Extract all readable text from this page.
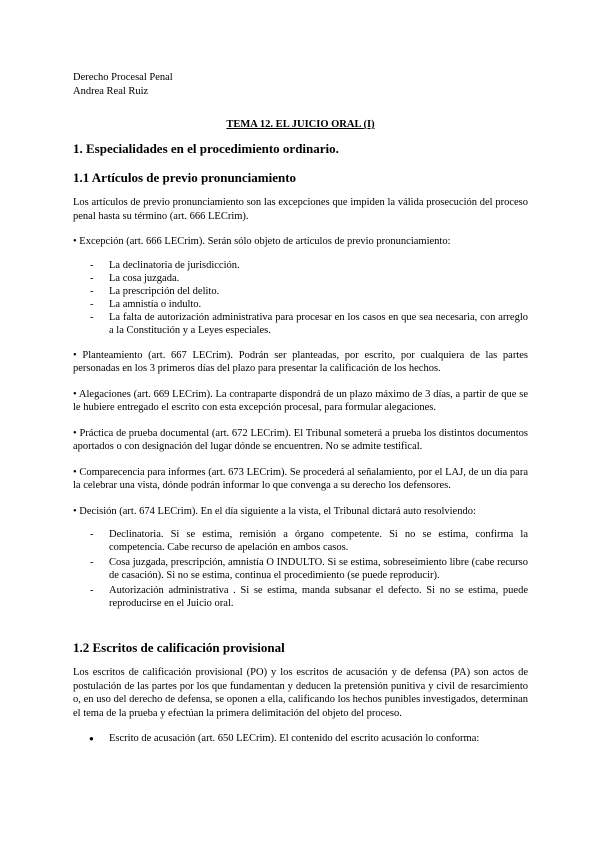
Derecho Procesal Penal
Andrea Real Ruiz
TEMA 12. EL JUICIO ORAL (I)
1. Especialidades en el procedimiento ordinario.
1.1 Artículos de previo pronunciamiento
Los artículos de previo pronunciamiento son las excepciones que impiden la válida prosecución del proceso penal hasta su término (art. 666 LECrim).
• Excepción (art. 666 LECrim). Serán sólo objeto de artículos de previo pronunciamiento:
- La declinatoria de jurisdicción.
- La cosa juzgada.
- La prescripción del delito.
- La amnistía o indulto.
- La falta de autorización administrativa para procesar en los casos en que sea necesaria, con arreglo a la Constitución y a Leyes especiales.
• Planteamiento (art. 667 LECrim). Podrán ser planteadas, por escrito, por cualquiera de las partes personadas en los 3 primeros días del plazo para presentar la calificación de los hechos.
• Alegaciones (art. 669 LECrim). La contraparte dispondrá de un plazo máximo de 3 días, a partir de que se le hubiere entregado el escrito con esta excepción procesal, para formular alegaciones.
• Práctica de prueba documental (art. 672 LECrim). El Tribunal someterá a prueba los distintos documentos aportados o con designación del lugar dónde se encuentren. No se admite testifical.
• Comparecencia para informes (art. 673 LECrim). Se procederá al señalamiento, por el LAJ, de un día para la celebrar una vista, dónde podrán informar lo que convenga a su derecho los defensores.
• Decisión (art. 674 LECrim). En el día siguiente a la vista, el Tribunal dictará auto resolviendo:
- Declinatoria. Si se estima, remisión a órgano competente. Si no se estima, confirma la competencia. Cabe recurso de apelación en ambos casos.
- Cosa juzgada, prescripción, amnistía O INDULTO. Si se estima, sobreseimiento libre (cabe recurso de casación). Si no se estima, continua el procedimiento (se puede reproducir).
- Autorización administrativa . Si se estima, manda subsanar el defecto. Si no se estima, puede reproducirse en el Juicio oral.
1.2 Escritos de calificación provisional
Los escritos de calificación provisional (PO) y los escritos de acusación y de defensa (PA) son actos de postulación de las partes por los que fundamentan y deducen la pretensión punitiva y civil de resarcimiento o, en uso del derecho de defensa, se oponen a ella, calificando los hechos punibles investigados, determinan el tema de la prueba y efectúan la primera delimitación del objeto del proceso.
● Escrito de acusación (art. 650 LECrim). El contenido del escrito acusación lo conforma:
